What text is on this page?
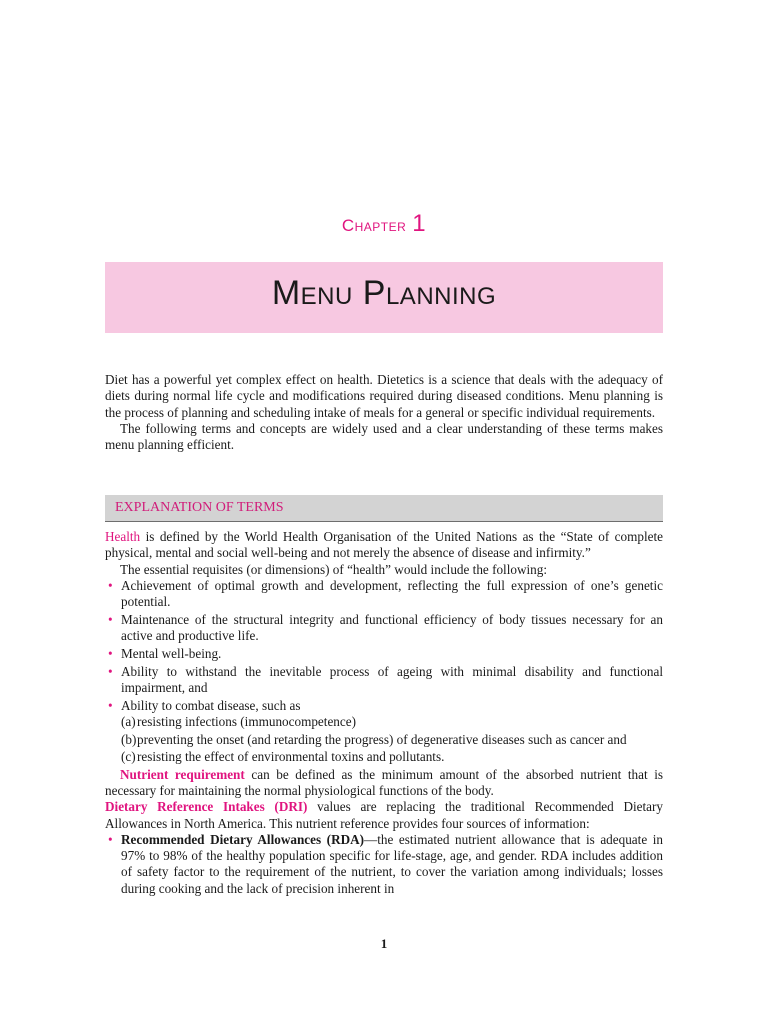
Chapter 1
Menu Planning

Diet has a powerful yet complex effect on health. Dietetics is a science that deals with the adequacy of diets during normal life cycle and modifications required during diseased conditions. Menu planning is the process of planning and scheduling intake of meals for a general or specific individual requirements.

The following terms and concepts are widely used and a clear understanding of these terms makes menu planning efficient.

EXPLANATION OF TERMS

Health is defined by the World Health Organisation of the United Nations as the “State of complete physical, mental and social well-being and not merely the absence of disease and infirmity.”

The essential requisites (or dimensions) of “health” would include the following:

• Achievement of optimal growth and development, reflecting the full expression of one’s genetic potential.
• Maintenance of the structural integrity and functional efficiency of body tissues necessary for an active and productive life.
• Mental well-being.
• Ability to withstand the inevitable process of ageing with minimal disability and functional impairment, and
• Ability to combat disease, such as
(a) resisting infections (immunocompetence)
(b) preventing the onset (and retarding the progress) of degenerative diseases such as cancer and
(c) resisting the effect of environmental toxins and pollutants.

Nutrient requirement can be defined as the minimum amount of the absorbed nutrient that is necessary for maintaining the normal physiological functions of the body.

Dietary Reference Intakes (DRI) values are replacing the traditional Recommended Dietary Allowances in North America. This nutrient reference provides four sources of information:

• Recommended Dietary Allowances (RDA)—the estimated nutrient allowance that is adequate in 97% to 98% of the healthy population specific for life-stage, age, and gender. RDA includes addition of safety factor to the requirement of the nutrient, to cover the variation among individuals; losses during cooking and the lack of precision inherent in
1
